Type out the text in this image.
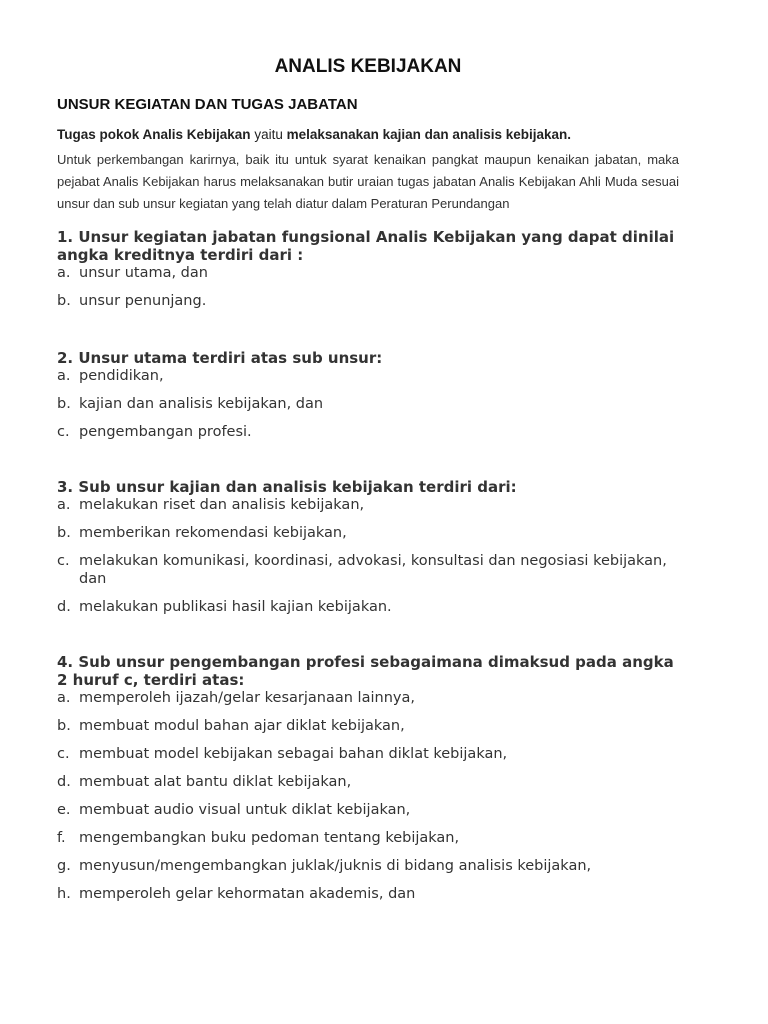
ANALIS KEBIJAKAN

UNSUR KEGIATAN DAN TUGAS JABATAN

Tugas pokok Analis Kebijakan yaitu melaksanakan kajian dan analisis kebijakan.

Untuk perkembangan karirnya, baik itu untuk syarat kenaikan pangkat maupun kenaikan jabatan, maka pejabat Analis Kebijakan harus melaksanakan butir uraian tugas jabatan Analis Kebijakan Ahli Muda sesuai unsur dan sub unsur kegiatan yang telah diatur dalam Peraturan Perundangan

1. Unsur kegiatan jabatan fungsional Analis Kebijakan yang dapat dinilai angka kreditnya terdiri dari :
a. unsur utama, dan
b. unsur penunjang.
2. Unsur utama terdiri atas sub unsur:
a. pendidikan,
b. kajian dan analisis kebijakan, dan
c. pengembangan profesi.
3. Sub unsur kajian dan analisis kebijakan terdiri dari:
a. melakukan riset dan analisis kebijakan,
b. memberikan rekomendasi kebijakan,
c. melakukan komunikasi, koordinasi, advokasi, konsultasi dan negosiasi kebijakan, dan
d. melakukan publikasi hasil kajian kebijakan.
4. Sub unsur pengembangan profesi sebagaimana dimaksud pada angka 2 huruf c, terdiri atas:
a. memperoleh ijazah/gelar kesarjanaan lainnya,
b. membuat modul bahan ajar diklat kebijakan,
c. membuat model kebijakan sebagai bahan diklat kebijakan,
d. membuat alat bantu diklat kebijakan,
e. membuat audio visual untuk diklat kebijakan,
f. mengembangkan buku pedoman tentang kebijakan,
g. menyusun/mengembangkan juklak/juknis di bidang analisis kebijakan,
h. memperoleh gelar kehormatan akademis, dan
